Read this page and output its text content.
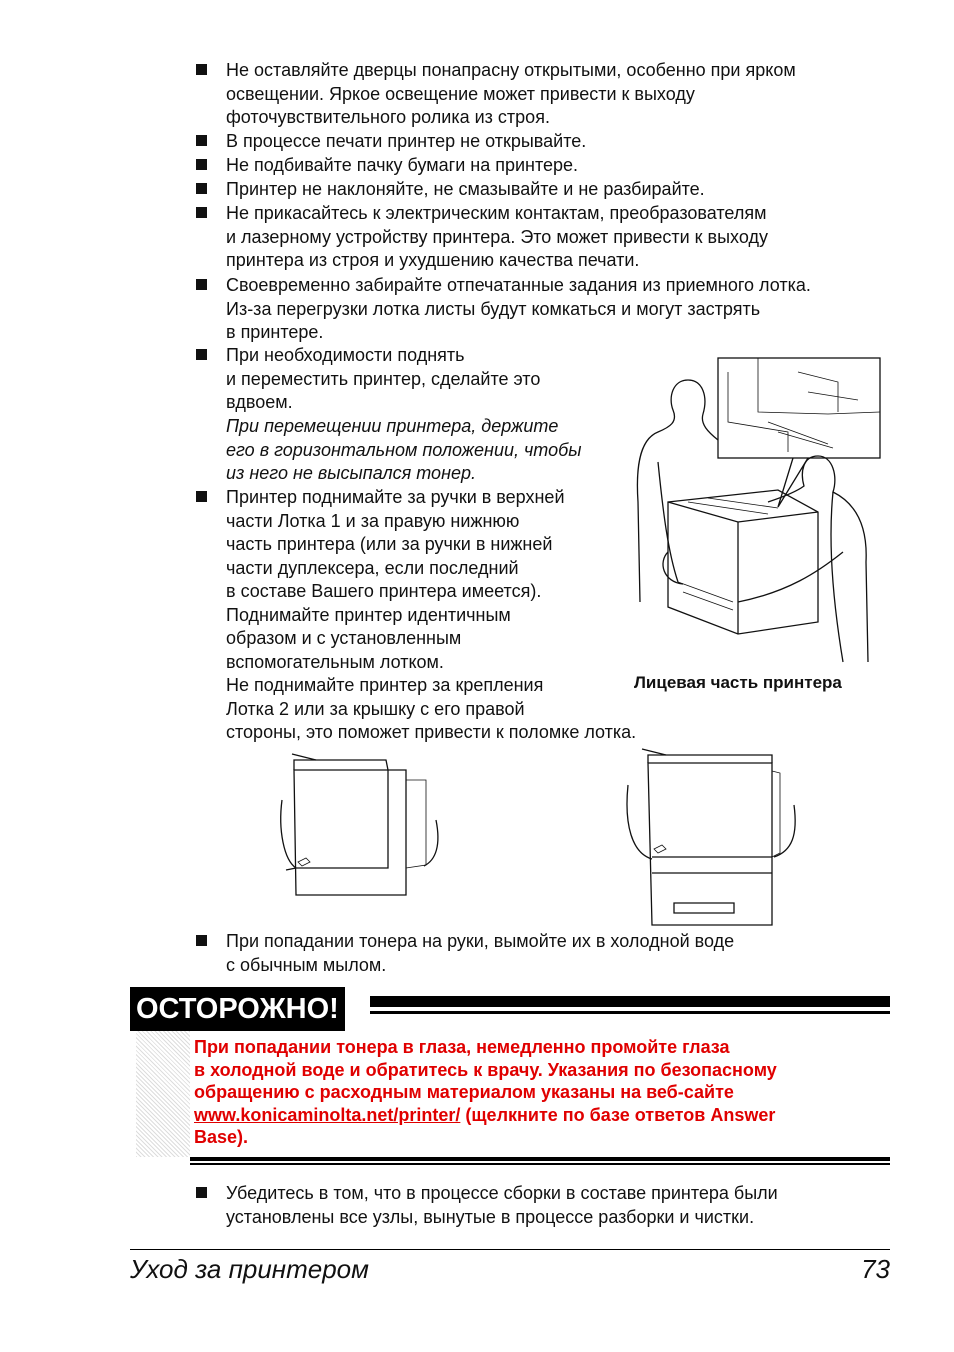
Не оставляйте дверцы понапрасну открытыми, особенно при ярком
освещении. Яркое освещение может привести к выходу
фоточувствительного ролика из строя.
В процессе печати принтер не открывайте.
Не подбивайте пачку бумаги на принтере.
Принтер не наклоняйте, не смазывайте и не разбирайте.
Не прикасайтесь к электрическим контактам, преобразователям
и лазерному устройству принтера. Это может привести к выходу
принтера из строя и ухудшению качества печати.
Своевременно забирайте отпечатанные задания из приемного лотка.
Из-за перегрузки лотка листы будут комкаться и могут застрять
в принтере.
При необходимости поднять
и переместить принтер, сделайте это
вдвоем.
При перемещении принтера, держите
его в горизонтальном положении, чтобы
из него не высыпался тонер.
Принтер поднимайте за ручки в верхней
части Лотка 1 и за правую нижнюю
часть принтера (или за ручки в нижней
части дуплексера, если последний
в составе Вашего принтера имеется).
Поднимайте принтер идентичным
образом и с установленным
вспомогательным лотком.
Не поднимайте принтер за крепления
Лотка 2 или за крышку с его правой
стороны, это поможет привести к поломке лотка.
Лицевая часть принтера
При попадании тонера на руки, вымойте их в холодной воде
с обычным мылом.
ОСТОРОЖНО!
При попадании тонера в глаза, немедленно промойте глаза
в холодной воде и обратитесь к врачу. Указания по безопасному
обращению с расходным материалом указаны на веб-сайте
www.konicaminolta.net/printer/ (щелкните по базе ответов Answer
Base).
Убедитесь в том, что в процессе сборки в составе принтера были
установлены все узлы, вынутые в процессе разборки и чистки.
Уход за принтером	73
